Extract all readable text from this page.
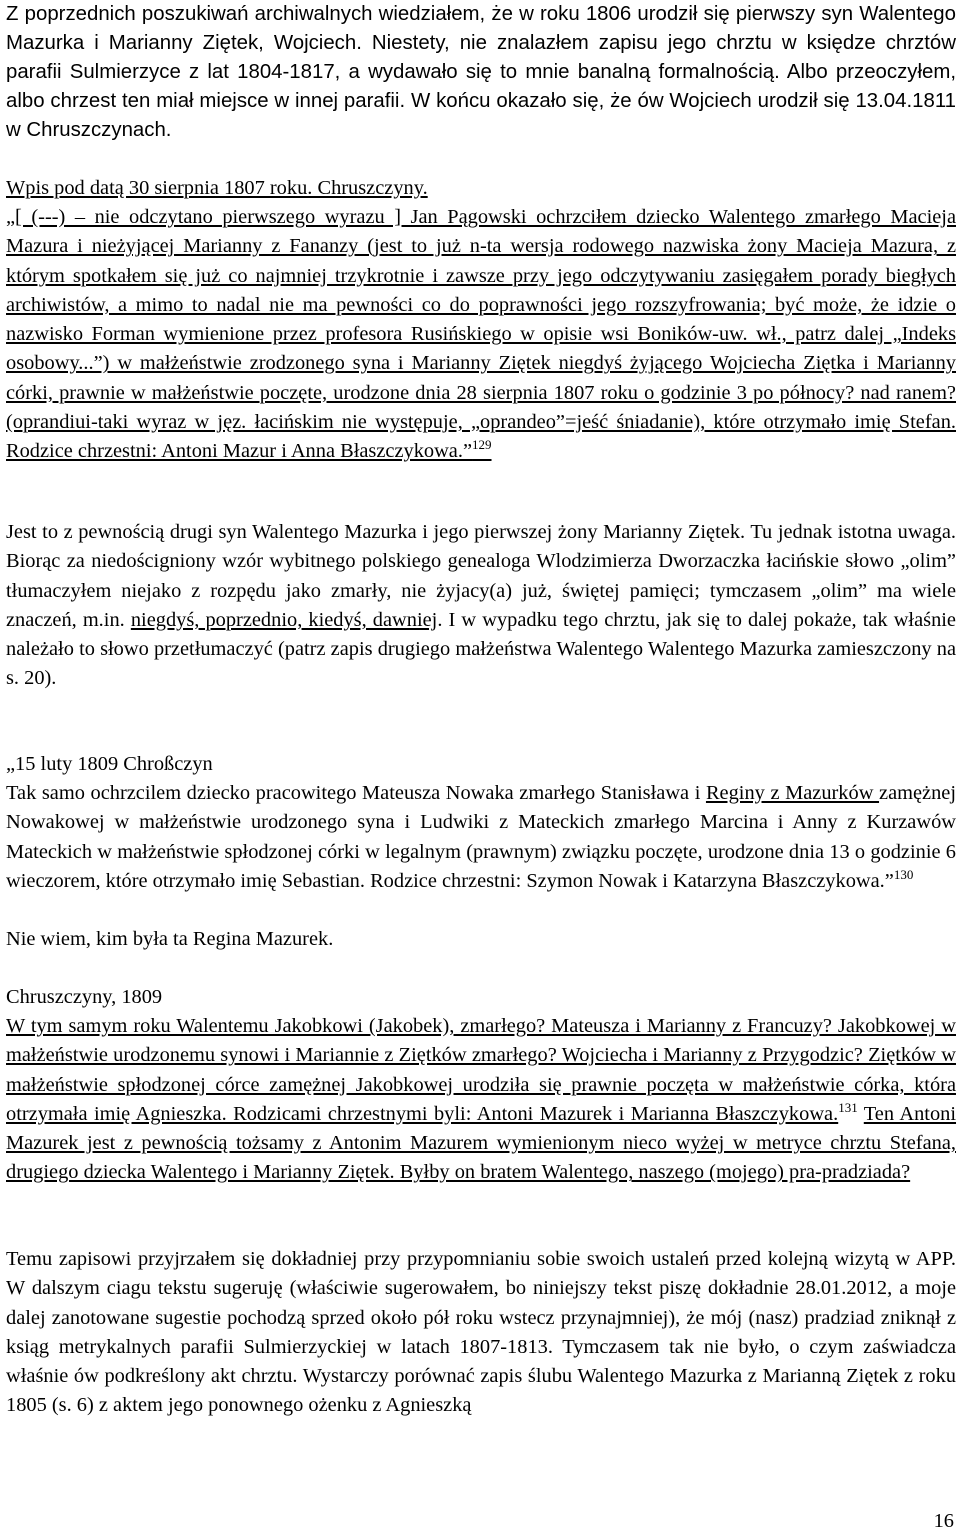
Z poprzednich poszukiwań archiwalnych wiedziałem, że w roku 1806 urodził się pierwszy syn Walentego Mazurka i Marianny Ziętek, Wojciech. Niestety, nie znalazłem zapisu jego chrztu w księdze chrztów parafii Sulmierzyce z lat 1804-1817, a wydawało się to mnie banalną formalnością. Albo przeoczyłem, albo chrzest ten miał miejsce w innej parafii. W końcu okazało się, że ów Wojciech urodził się 13.04.1811 w Chruszczynach.

Wpis pod datą 30 sierpnia 1807 roku. Chruszczyny.

„[ (---) – nie odczytano pierwszego wyrazu ] Jan Pągowski ochrzciłem dziecko Walentego zmarłego Macieja Mazura i nieżyjącej Marianny z Fananzy (jest to już n-ta wersja rodowego nazwiska żony Macieja Mazura, z którym spotkałem się już co najmniej trzykrotnie i zawsze przy jego odczytywaniu zasięgałem porady biegłych archiwistów, a mimo to nadal nie ma pewności co do poprawności jego rozszyfrowania; być może, że idzie o nazwisko Forman wymienione przez profesora Rusińskiego w opisie wsi Boników-uw. wł., patrz dalej „Indeks osobowy...”) w małżeństwie zrodzonego syna i Marianny Ziętek niegdyś żyjącego Wojciecha Ziętka i Marianny córki, prawnie w małżeństwie poczęte, urodzone dnia 28 sierpnia 1807 roku o godzinie 3 po północy? nad ranem? (oprandiui-taki wyraz w jęz. łacińskim nie występuje, „oprandeo”=jeść śniadanie), które otrzymało imię Stefan. Rodzice chrzestni: Antoni Mazur i Anna Błaszczykowa.”$^{129}$

Jest to z pewnością drugi syn Walentego Mazurka i jego pierwszej żony Marianny Ziętek. Tu jednak istotna uwaga. Biorąc za niedościgniony wzór wybitnego polskiego genealoga Wlodzimierza Dworzaczka łacińskie słowo „olim” tłumaczyłem niejako z rozpędu jako zmarły, nie żyjacy(a) już, świętej pamięci; tymczasem „olim” ma wiele znaczeń, m.in. niegdyś, poprzednio, kiedyś, dawniej. I w wypadku tego chrztu, jak się to dalej pokaże, tak właśnie należało to słowo przetłumaczyć (patrz zapis drugiego małżeństwa Walentego Walentego Mazurka zamieszczony na s. 20).

„15 luty 1809 Chroßczyn

Tak samo ochrzcilem dziecko pracowitego Mateusza Nowaka zmarłego Stanisława i Reginy z Mazurków zamężnej Nowakowej w małżeństwie urodzonego syna i Ludwiki z Mateckich zmarłego Marcina i Anny z Kurzawów Mateckich w małżeństwie spłodzonej córki w legalnym (prawnym) związku poczęte, urodzone dnia 13 o godzinie 6 wieczorem, które otrzymało imię Sebastian. Rodzice chrzestni: Szymon Nowak i Katarzyna Błaszczykowa.”$^{130}$

Nie wiem, kim była ta Regina Mazurek.

Chruszczyny, 1809

W tym samym roku Walentemu Jakobkowi (Jakobek), zmarłego? Mateusza i Marianny z Francuzy? Jakobkowej w małżeństwie urodzonemu synowi i Mariannie z Ziętków zmarłego? Wojciecha i Marianny z Przygodzic? Ziętków w małżeństwie spłodzonej córce zamężnej Jakobkowej urodziła się prawnie poczęta w małżeństwie córka, która otrzymała imię Agnieszka. Rodzicami chrzestnymi byli: Antoni Mazurek i Marianna Błaszczykowa.$^{131}$ Ten Antoni Mazurek jest z pewnością tożsamy z Antonim Mazurem wymienionym nieco wyżej w metryce chrztu Stefana, drugiego dziecka Walentego i Marianny Ziętek. Byłby on bratem Walentego, naszego (mojego) pra-pradziada?

Temu zapisowi przyjrzałem się dokładniej przy przypomnianiu sobie swoich ustaleń przed kolejną wizytą w APP. W dalszym ciagu tekstu sugeruję (właściwie sugerowałem, bo niniejszy tekst piszę dokładnie 28.01.2012, a moje dalej zanotowane sugestie pochodzą sprzed około pół roku wstecz przynajmniej), że mój (nasz) pradziad zniknął z ksiąg metrykalnych parafii Sulmierzyckiej w latach 1807-1813. Tymczasem tak nie było, o czym zaświadcza właśnie ów podkreślony akt chrztu. Wystarczy porównać zapis ślubu Walentego Mazurka z Marianną Ziętek z roku 1805 (s. 6) z aktem jego ponownego ożenku z Agnieszką

16
